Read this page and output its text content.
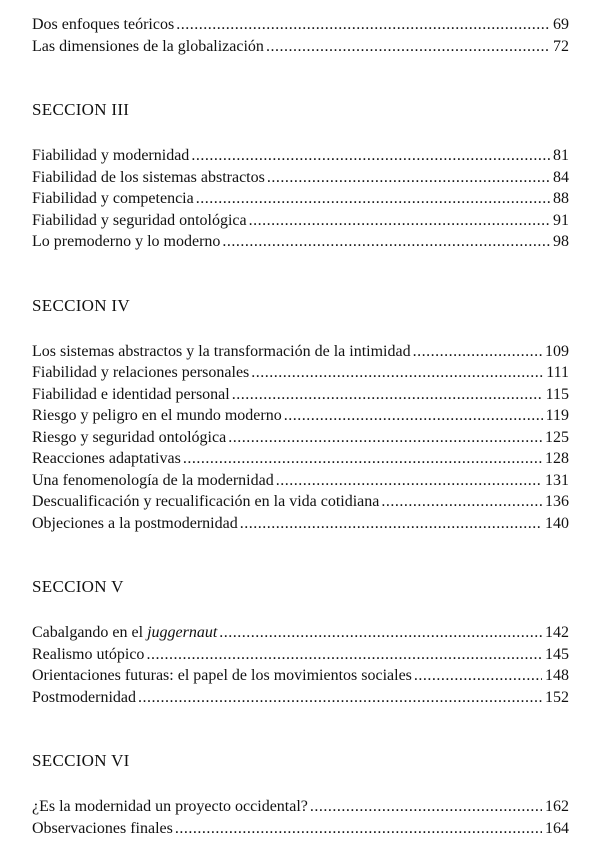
Dos enfoques teóricos .....	69
Las dimensiones de la globalización .....	72
SECCION III
Fiabilidad y modernidad .....	81
Fiabilidad de los sistemas abstractos .....	84
Fiabilidad y competencia .....	88
Fiabilidad y seguridad ontológica .....	91
Lo premoderno y lo moderno .....	98
SECCION IV
Los sistemas abstractos y la transformación de la intimidad .....	109
Fiabilidad y relaciones personales .....	111
Fiabilidad e identidad personal .....	115
Riesgo y peligro en el mundo moderno .....	119
Riesgo y seguridad ontológica .....	125
Reacciones adaptativas .....	128
Una fenomenología de la modernidad .....	131
Descualificación y recualificación en la vida cotidiana .....	136
Objeciones a la postmodernidad .....	140
SECCION V
Cabalgando en el juggernaut .....	142
Realismo utópico .....	145
Orientaciones futuras: el papel de los movimientos sociales .....	148
Postmodernidad .....	152
SECCION VI
¿Es la modernidad un proyecto occidental? .....	162
Observaciones finales .....	164
